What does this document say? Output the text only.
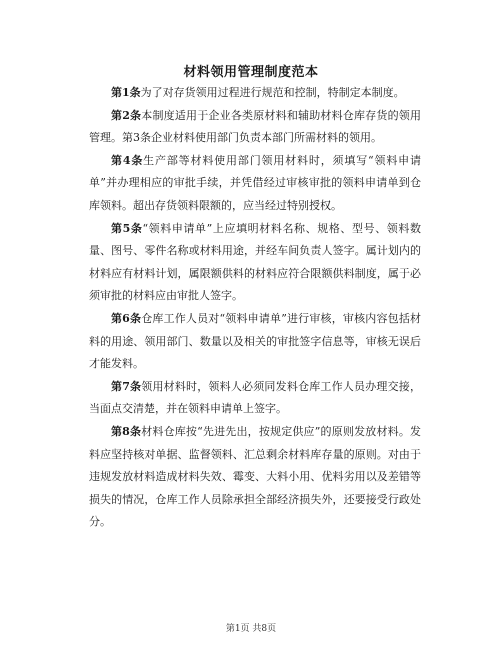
材料领用管理制度范本

第1条为了对存货领用过程进行规范和控制，特制定本制度。

第2条本制度适用于企业各类原材料和辅助材料仓库存货的领用管理。第3条企业材料使用部门负责本部门所需材料的领用。

第4条生产部等材料使用部门领用材料时，须填写“领料申请单”并办理相应的审批手续，并凭借经过审核审批的领料申请单到仓库领料。超出存货领料限额的，应当经过特别授权。

第5条“领料申请单”上应填明材料名称、规格、型号、领料数量、图号、零件名称或材料用途，并经车间负责人签字。属计划内的材料应有材料计划，属限额供料的材料应符合限额供料制度，属于必须审批的材料应由审批人签字。

第6条仓库工作人员对“领料申请单”进行审核，审核内容包括材料的用途、领用部门、数量以及相关的审批签字信息等，审核无误后才能发料。

第7条领用材料时，领料人必须同发料仓库工作人员办理交接，当面点交清楚，并在领料申请单上签字。

第8条材料仓库按“先进先出，按规定供应”的原则发放材料。发料应坚持核对单据、监督领料、汇总剩余材料库存量的原则。对由于违规发放材料造成材料失效、霉变、大料小用、优料劣用以及差错等损失的情况，仓库工作人员除承担全部经济损失外，还要接受行政处分。

第1页 共8页
